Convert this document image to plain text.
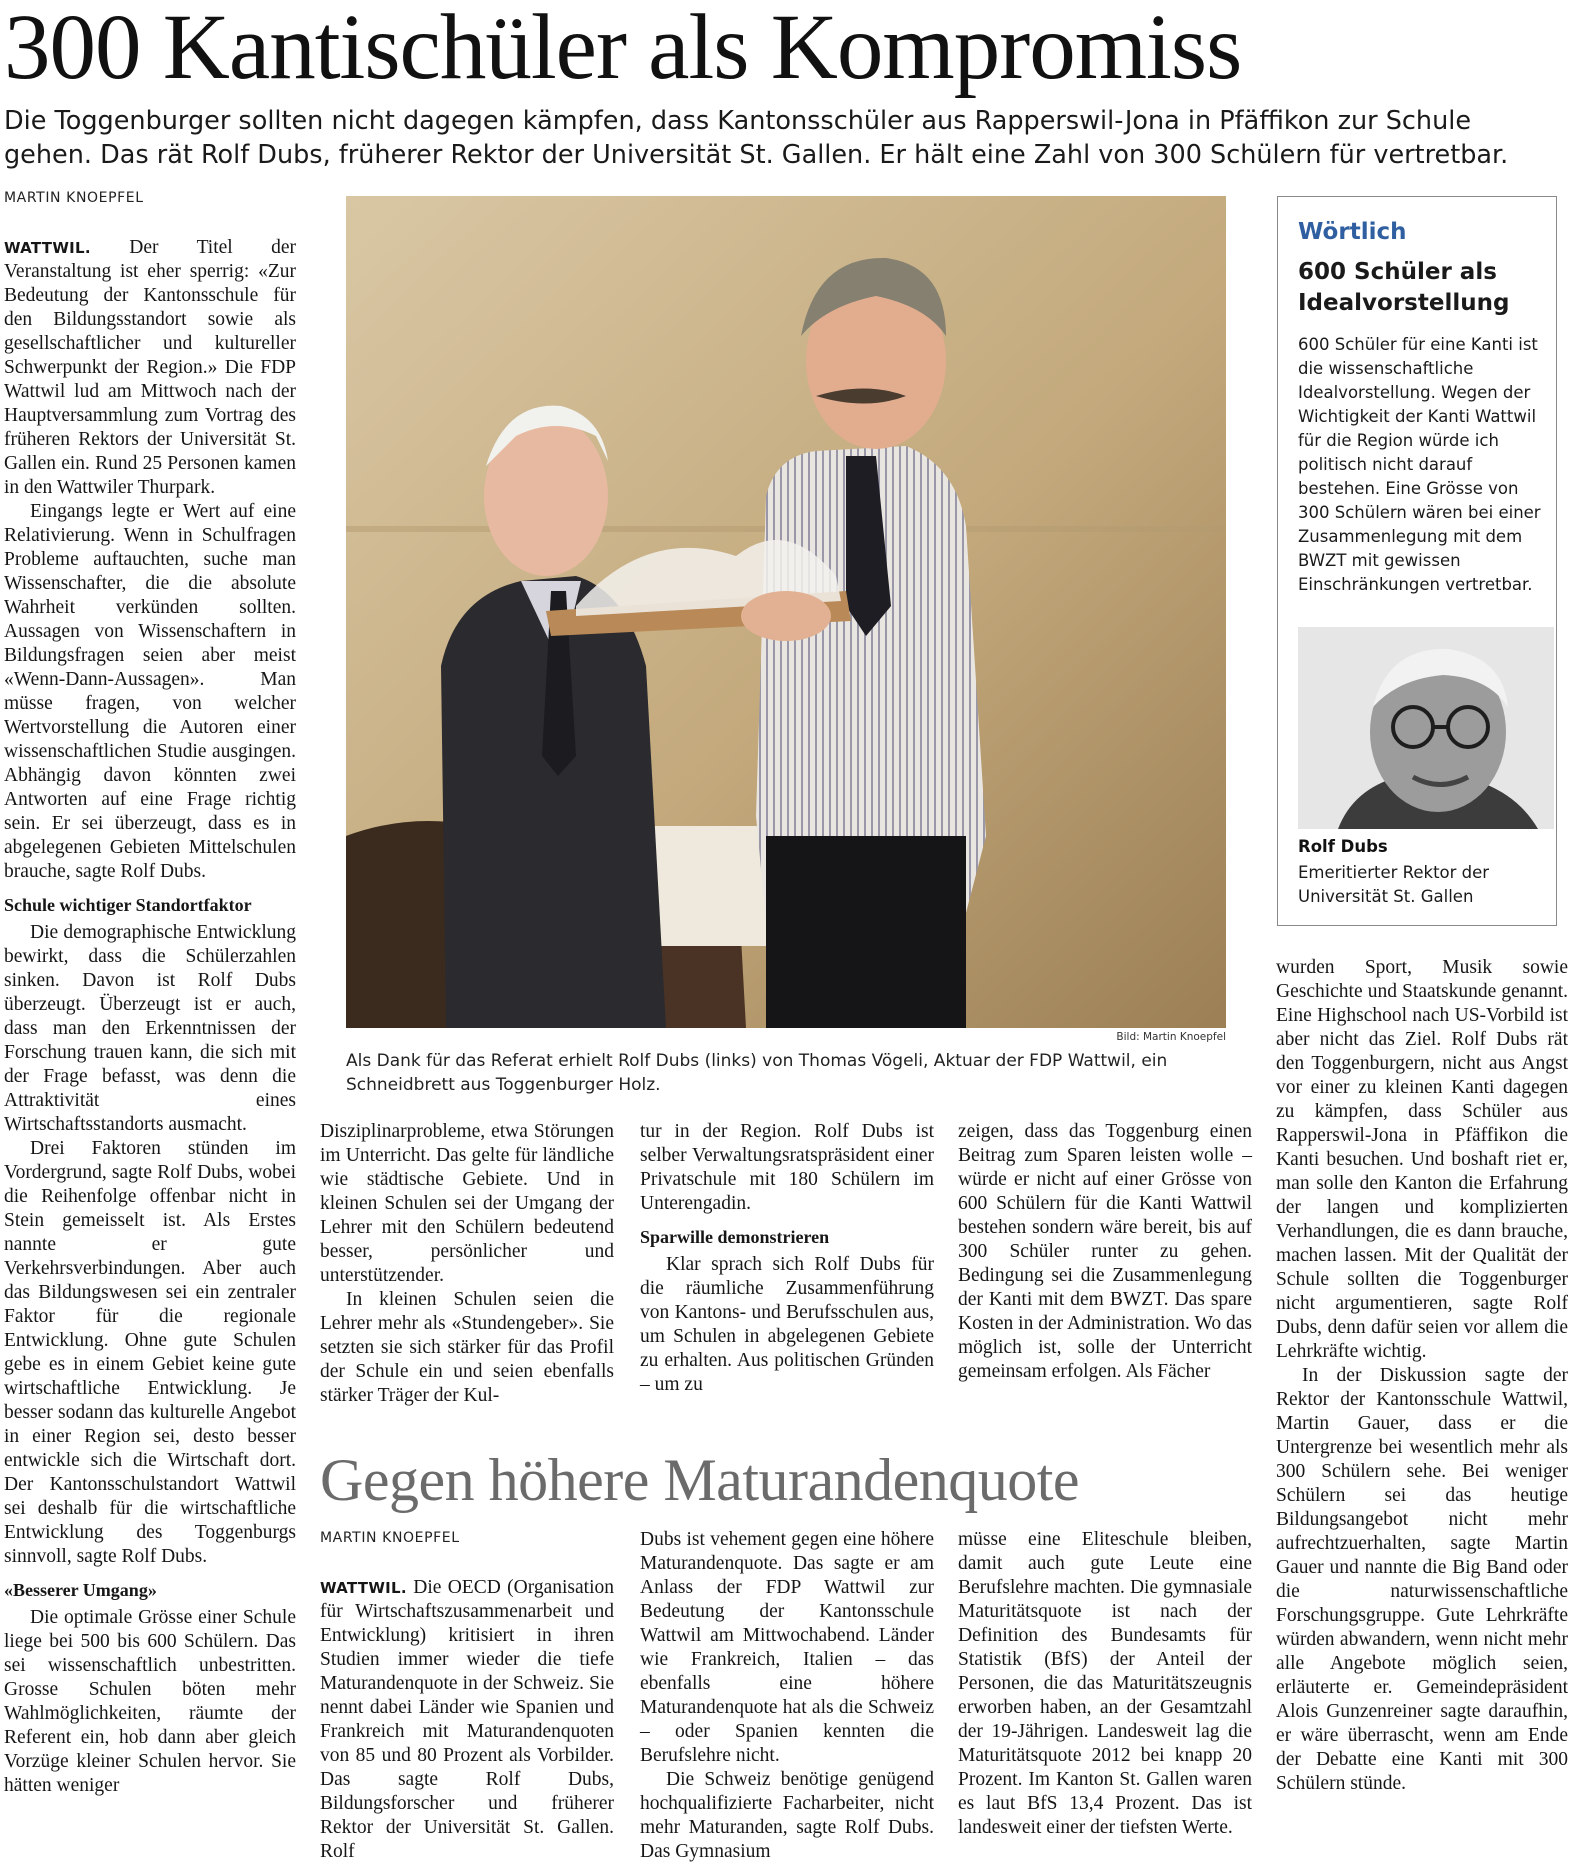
300 Kantischüler als Kompromiss

Die Toggenburger sollten nicht dagegen kämpfen, dass Kantonsschüler aus Rapperswil-Jona in Pfäffikon zur Schule gehen. Das rät Rolf Dubs, früherer Rektor der Universität St. Gallen. Er hält eine Zahl von 300 Schülern für vertretbar.

MARTIN KNOEPFEL

WATTWIL. Der Titel der Veranstaltung ist eher sperrig: «Zur Bedeutung der Kantonsschule für den Bildungsstandort sowie als gesellschaftlicher und kultureller Schwerpunkt der Region.» Die FDP Wattwil lud am Mittwoch nach der Hauptversammlung zum Vortrag des früheren Rektors der Universität St. Gallen ein. Rund 25 Personen kamen in den Wattwiler Thurpark.

Eingangs legte er Wert auf eine Relativierung. Wenn in Schulfragen Probleme auftauchten, suche man Wissenschafter, die die absolute Wahrheit verkünden sollten. Aussagen von Wissenschaftern in Bildungsfragen seien aber meist «Wenn-Dann-Aussagen». Man müsse fragen, von welcher Wertvorstellung die Autoren einer wissenschaftlichen Studie ausgingen. Abhängig davon könnten zwei Antworten auf eine Frage richtig sein. Er sei überzeugt, dass es in abgelegenen Gebieten Mittelschulen brauche, sagte Rolf Dubs.

Schule wichtiger Standortfaktor

Die demographische Entwicklung bewirkt, dass die Schülerzahlen sinken. Davon ist Rolf Dubs überzeugt. Überzeugt ist er auch, dass man den Erkenntnissen der Forschung trauen kann, die sich mit der Frage befasst, was denn die Attraktivität eines Wirtschaftsstandorts ausmacht.

Drei Faktoren stünden im Vordergrund, sagte Rolf Dubs, wobei die Reihenfolge offenbar nicht in Stein gemeisselt ist. Als Erstes nannte er gute Verkehrsverbindungen. Aber auch das Bildungswesen sei ein zentraler Faktor für die regionale Entwicklung. Ohne gute Schulen gebe es in einem Gebiet keine gute wirtschaftliche Entwicklung. Je besser sodann das kulturelle Angebot in einer Region sei, desto besser entwickle sich die Wirtschaft dort. Der Kantonsschulstandort Wattwil sei deshalb für die wirtschaftliche Entwicklung des Toggenburgs sinnvoll, sagte Rolf Dubs.

«Besserer Umgang»

Die optimale Grösse einer Schule liege bei 500 bis 600 Schülern. Das sei wissenschaftlich unbestritten. Grosse Schulen böten mehr Wahlmöglichkeiten, räumte der Referent ein, hob dann aber gleich Vorzüge kleiner Schulen hervor. Sie hätten weniger

Bild: Martin Knoepfel

Als Dank für das Referat erhielt Rolf Dubs (links) von Thomas Vögeli, Aktuar der FDP Wattwil, ein Schneidbrett aus Toggenburger Holz.

Disziplinarprobleme, etwa Störungen im Unterricht. Das gelte für ländliche wie städtische Gebiete. Und in kleinen Schulen sei der Umgang der Lehrer mit den Schülern bedeutend besser, persönlicher und unterstützender.

In kleinen Schulen seien die Lehrer mehr als «Stundengeber». Sie setzten sie sich stärker für das Profil der Schule ein und seien ebenfalls stärker Träger der Kul-

tur in der Region. Rolf Dubs ist selber Verwaltungsratspräsident einer Privatschule mit 180 Schülern im Unterengadin.

Sparwille demonstrieren

Klar sprach sich Rolf Dubs für die räumliche Zusammenführung von Kantons- und Berufsschulen aus, um Schulen in abgelegenen Gebiete zu erhalten. Aus politischen Gründen – um zu

zeigen, dass das Toggenburg einen Beitrag zum Sparen leisten wolle – würde er nicht auf einer Grösse von 600 Schülern für die Kanti Wattwil bestehen sondern wäre bereit, bis auf 300 Schüler runter zu gehen. Bedingung sei die Zusammenlegung der Kanti mit dem BWZT. Das spare Kosten in der Administration. Wo das möglich ist, solle der Unterricht gemeinsam erfolgen. Als Fächer

wurden Sport, Musik sowie Geschichte und Staatskunde genannt. Eine Highschool nach US-Vorbild ist aber nicht das Ziel. Rolf Dubs rät den Toggenburgern, nicht aus Angst vor einer zu kleinen Kanti dagegen zu kämpfen, dass Schüler aus Rapperswil-Jona in Pfäffikon die Kanti besuchen. Und boshaft riet er, man solle den Kanton die Erfahrung der langen und komplizierten Verhandlungen, die es dann brauche, machen lassen. Mit der Qualität der Schule sollten die Toggenburger nicht argumentieren, sagte Rolf Dubs, denn dafür seien vor allem die Lehrkräfte wichtig.

In der Diskussion sagte der Rektor der Kantonsschule Wattwil, Martin Gauer, dass er die Untergrenze bei wesentlich mehr als 300 Schülern sehe. Bei weniger Schülern sei das heutige Bildungsangebot nicht mehr aufrechtzuerhalten, sagte Martin Gauer und nannte die Big Band oder die naturwissenschaftliche Forschungsgruppe. Gute Lehrkräfte würden abwandern, wenn nicht mehr alle Angebote möglich seien, erläuterte er. Gemeindepräsident Alois Gunzenreiner sagte daraufhin, er wäre überrascht, wenn am Ende der Debatte eine Kanti mit 300 Schülern stünde.

Wörtlich

600 Schüler als Idealvorstellung

600 Schüler für eine Kanti ist die wissenschaftliche Idealvorstellung. Wegen der Wichtigkeit der Kanti Wattwil für die Region würde ich politisch nicht darauf bestehen. Eine Grösse von 300 Schülern wären bei einer Zusammenlegung mit dem BWZT mit gewissen Einschränkungen vertretbar.

Rolf Dubs

Emeritierter Rektor der Universität St. Gallen

Gegen höhere Maturandenquote

MARTIN KNOEPFEL

WATTWIL. Die OECD (Organisation für Wirtschaftszusammenarbeit und Entwicklung) kritisiert in ihren Studien immer wieder die tiefe Maturandenquote in der Schweiz. Sie nennt dabei Länder wie Spanien und Frankreich mit Maturandenquoten von 85 und 80 Prozent als Vorbilder. Das sagte Rolf Dubs, Bildungsforscher und früherer Rektor der Universität St. Gallen. Rolf

Dubs ist vehement gegen eine höhere Maturandenquote. Das sagte er am Anlass der FDP Wattwil zur Bedeutung der Kantonsschule Wattwil am Mittwochabend. Länder wie Frankreich, Italien – das ebenfalls eine höhere Maturandenquote hat als die Schweiz – oder Spanien kennten die Berufslehre nicht.

Die Schweiz benötige genügend hochqualifizierte Facharbeiter, nicht mehr Maturanden, sagte Rolf Dubs. Das Gymnasium

müsse eine Eliteschule bleiben, damit auch gute Leute eine Berufslehre machten. Die gymnasiale Maturitätsquote ist nach der Definition des Bundesamts für Statistik (BfS) der Anteil der Personen, die das Maturitätszeugnis erworben haben, an der Gesamtzahl der 19-Jährigen. Landesweit lag die Maturitätsquote 2012 bei knapp 20 Prozent. Im Kanton St. Gallen waren es laut BfS 13,4 Prozent. Das ist landesweit einer der tiefsten Werte.
